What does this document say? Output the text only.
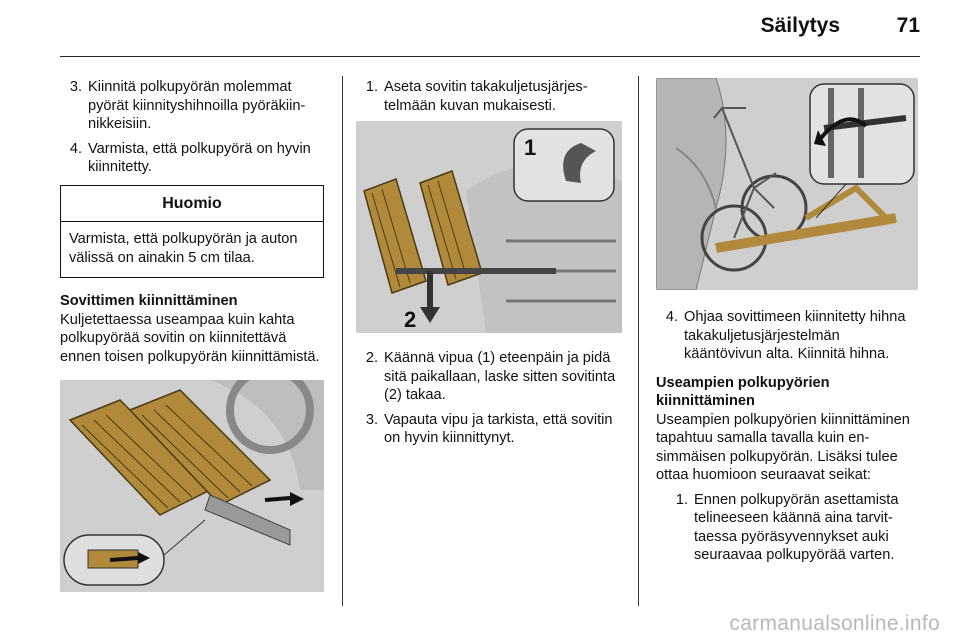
Säilytys	71
3. Kiinnitä polkupyörän molemmat pyörät kiinnityshihnoilla pyöräkiinnikkeisiin.
4. Varmista, että polkupyörä on hyvin kiinnitetty.
Huomio
Varmista, että polkupyörän ja auton välissä on ainakin 5 cm tilaa.
Sovittimen kiinnittäminen
Kuljetettaessa useampaa kuin kahta polkupyörää sovitin on kiinnitettävä ennen toisen polkupyörän kiinnittämistä.
1. Aseta sovitin takakuljetusjärjestelmään kuvan mukaisesti.
1
2
2. Käännä vipua (1) eteenpäin ja pidä sitä paikallaan, laske sitten sovitinta (2) takaa.
3. Vapauta vipu ja tarkista, että sovitin on hyvin kiinnittynyt.
4. Ohjaa sovittimeen kiinnitetty hihna takakuljetusjärjestelmän kääntövivun alta. Kiinnitä hihna.
Useampien polkupyörien kiinnittäminen
Useampien polkupyörien kiinnittäminen tapahtuu samalla tavalla kuin ensimmäisen polkupyörän. Lisäksi tulee ottaa huomioon seuraavat seikat:
1. Ennen polkupyörän asettamista telineeseen käännä aina tarvittaessa pyöräsyvennykset auki seuraavaa polkupyörää varten.
carmanualsonline.info
